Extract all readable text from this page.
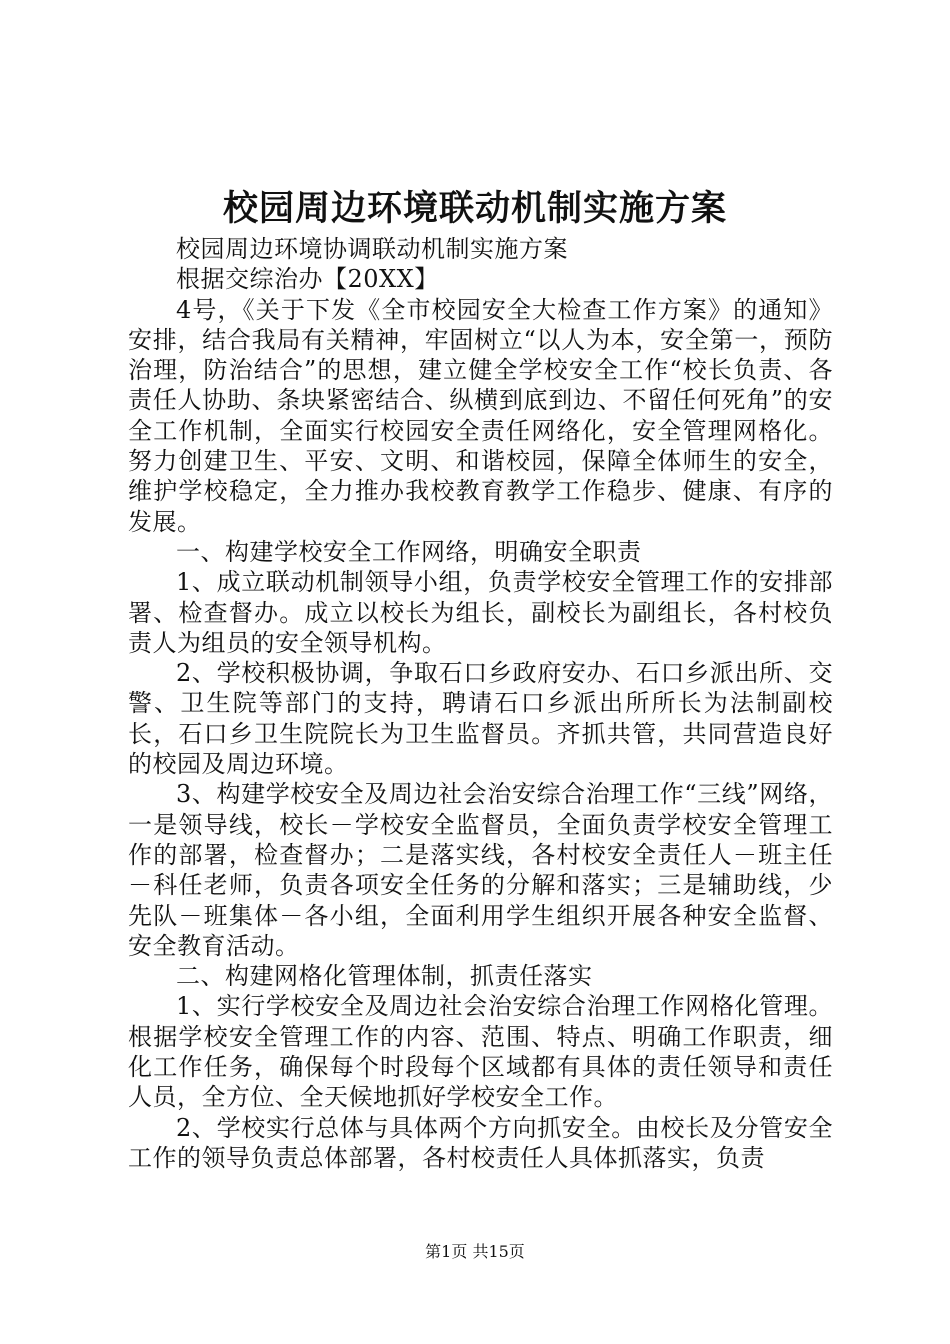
校园周边环境联动机制实施方案

校园周边环境协调联动机制实施方案

根据交综治办【20XX】

4号，《关于下发《全市校园安全大检查工作方案》的通知》安排，结合我局有关精神，牢固树立“以人为本，安全第一，预防治理，防治结合”的思想，建立健全学校安全工作“校长负责、各责任人协助、条块紧密结合、纵横到底到边、不留任何死角”的安全工作机制，全面实行校园安全责任网络化，安全管理网格化。努力创建卫生、平安、文明、和谐校园，保障全体师生的安全，维护学校稳定，全力推办我校教育教学工作稳步、健康、有序的发展。

一、构建学校安全工作网络，明确安全职责

1、成立联动机制领导小组，负责学校安全管理工作的安排部署、检查督办。成立以校长为组长，副校长为副组长，各村校负责人为组员的安全领导机构。

2、学校积极协调，争取石口乡政府安办、石口乡派出所、交警、卫生院等部门的支持，聘请石口乡派出所所长为法制副校长，石口乡卫生院院长为卫生监督员。齐抓共管，共同营造良好的校园及周边环境。

3、构建学校安全及周边社会治安综合治理工作“三线”网络，一是领导线，校长－学校安全监督员，全面负责学校安全管理工作的部署，检查督办；二是落实线，各村校安全责任人－班主任－科任老师，负责各项安全任务的分解和落实；三是辅助线，少先队－班集体－各小组，全面利用学生组织开展各种安全监督、安全教育活动。

二、构建网格化管理体制，抓责任落实

1、实行学校安全及周边社会治安综合治理工作网格化管理。根据学校安全管理工作的内容、范围、特点、明确工作职责，细化工作任务，确保每个时段每个区域都有具体的责任领导和责任人员，全方位、全天候地抓好学校安全工作。

2、学校实行总体与具体两个方向抓安全。由校长及分管安全工作的领导负责总体部署，各村校责任人具体抓落实，负责

第1页 共15页
